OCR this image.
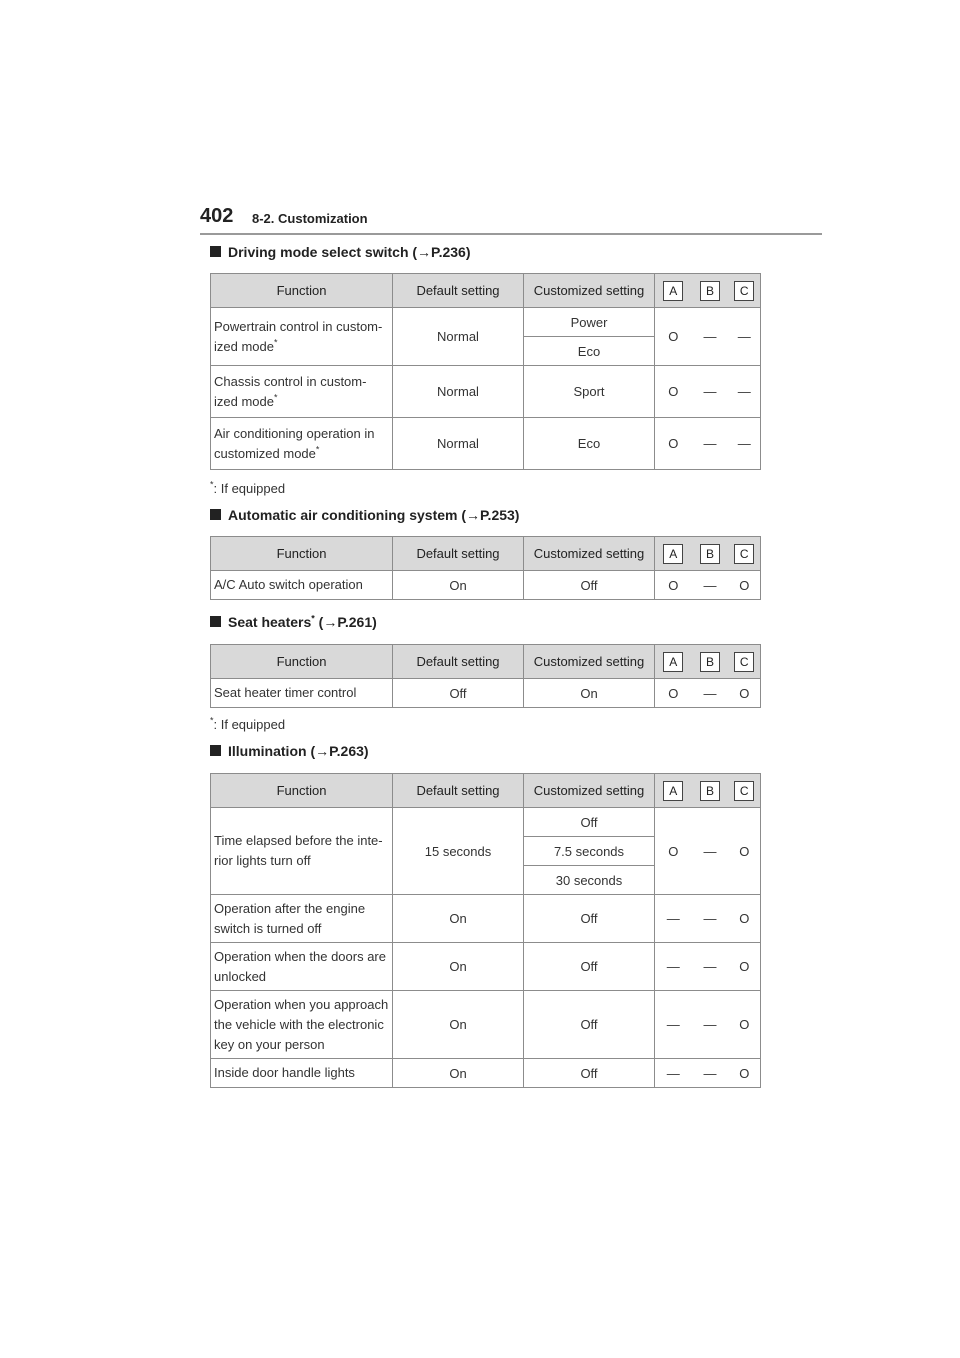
402 8-2. Customization
Driving mode select switch (→P.236)
Function	Default setting	Customized setting	A	B	C
Powertrain control in custom-ized mode*	Normal	Power	O	—	—
		Eco			
Chassis control in custom-ized mode*	Normal	Sport	O	—	—
Air conditioning operation in customized mode*	Normal	Eco	O	—	—
*: If equipped
Automatic air conditioning system (→P.253)
Function	Default setting	Customized setting	A	B	C
A/C Auto switch operation	On	Off	O	—	O
Seat heaters* (→P.261)
Function	Default setting	Customized setting	A	B	C
Seat heater timer control	Off	On	O	—	O
*: If equipped
Illumination (→P.263)
Function	Default setting	Customized setting	A	B	C
Time elapsed before the inte-rior lights turn off	15 seconds	Off	O	—	O
		7.5 seconds			
		30 seconds			
Operation after the engine switch is turned off	On	Off	—	—	O
Operation when the doors are unlocked	On	Off	—	—	O
Operation when you approach the vehicle with the electronic key on your person	On	Off	—	—	O
Inside door handle lights	On	Off	—	—	O
